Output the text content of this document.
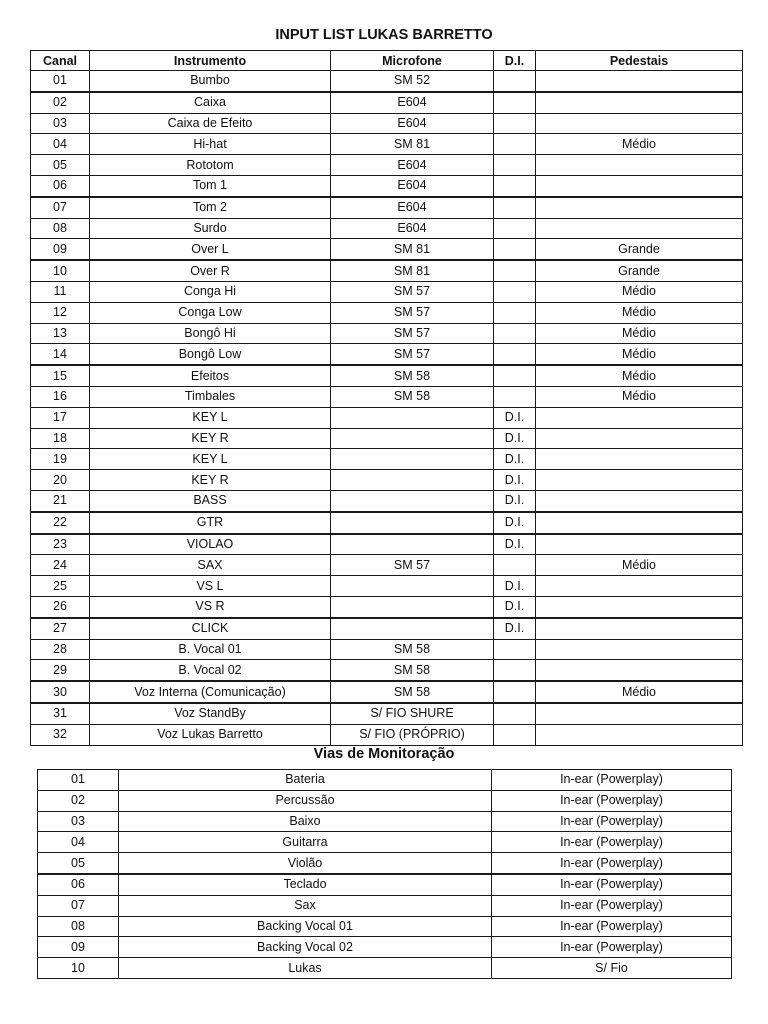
INPUT LIST LUKAS BARRETTO
Canal	Instrumento	Microfone	D.I.	Pedestais
01	Bumbo	SM 52		
02	Caixa	E604		
03	Caixa de Efeito	E604		
04	Hi-hat	SM 81		Médio
05	Rototom	E604		
06	Tom 1	E604		
07	Tom 2	E604		
08	Surdo	E604		
09	Over L	SM 81		Grande
10	Over R	SM 81		Grande
11	Conga Hi	SM 57		Médio
12	Conga Low	SM 57		Médio
13	Bongô Hi	SM 57		Médio
14	Bongô Low	SM 57		Médio
15	Efeitos	SM 58		Médio
16	Timbales	SM 58		Médio
17	KEY L		D.I.	
18	KEY R		D.I.	
19	KEY L		D.I.	
20	KEY R		D.I.	
21	BASS		D.I.	
22	GTR		D.I.	
23	VIOLAO		D.I.	
24	SAX	SM 57		Médio
25	VS L		D.I.	
26	VS R		D.I.	
27	CLICK		D.I.	
28	B. Vocal 01	SM 58		
29	B. Vocal 02	SM 58		
30	Voz Interna (Comunicação)	SM 58		Médio
31	Voz StandBy	S/ FIO SHURE		
32	Voz Lukas Barretto	S/ FIO (PRÓPRIO)		
Vias de Monitoração
01	Bateria	In-ear (Powerplay)
02	Percussão	In-ear (Powerplay)
03	Baixo	In-ear (Powerplay)
04	Guitarra	In-ear (Powerplay)
05	Violão	In-ear (Powerplay)
06	Teclado	In-ear (Powerplay)
07	Sax	In-ear (Powerplay)
08	Backing Vocal 01	In-ear (Powerplay)
09	Backing Vocal 02	In-ear (Powerplay)
10	Lukas	S/ Fio
